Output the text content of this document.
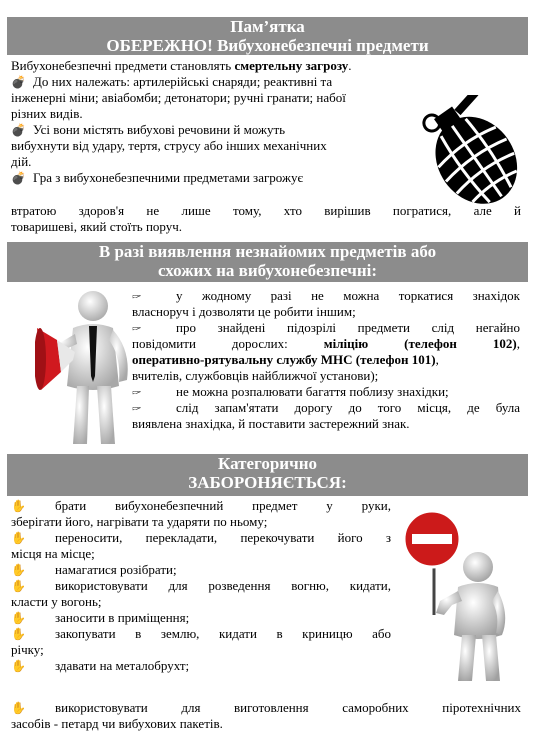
Пам’ятка
ОБЕРЕЖНО! Вибухонебезпечні предмети
Вибухонебезпечні предмети становлять смертельну загрозу.
💣 До них належать: артилерійські снаряди; реактивні та
інженерні міни; авіабомби; детонатори; ручні гранати; набої
різних видів.
💣 Усі вони містять вибухові речовини й можуть
вибухнути від удару, тертя, струсу або інших механічних
дій.
💣 Гра з вибухонебезпечними предметами загрожує
втратою здоров'я не лише тому, хто вирішив погратися, але й
товаришеві, який стоїть поруч.
В разі виявлення незнайомих предметів або
схожих на вибухонебезпечні:
🖙	у жодному разі не можна торкатися знахідок
власноруч і дозволяти це робити іншим;
🖙	про знайдені підозрілі предмети слід негайно
повідомити дорослих: міліцію (телефон 102),
оперативно-рятувальну службу МНС (телефон 101),
вчителів, службовців найближчої установи);
🖙	не можна розпалювати багаття поблизу знахідки;
🖙	слід запам'ятати дорогу до того місця, де була
виявлена знахідка, й поставити застережний знак.
Категорично
ЗАБОРОНЯЄТЬСЯ:
✋	брати вибухонебезпечний предмет у руки,
зберігати його, нагрівати та ударяти по ньому;
✋	переносити, перекладати, перекочувати його з
місця на місце;
✋	намагатися розібрати;
✋	використовувати для розведення вогню, кидати,
класти у вогонь;
✋	заносити в приміщення;
✋	закопувати в землю, кидати в криницю або
річку;
✋	здавати на металобрухт;
✋	використовувати для виготовлення саморобних піротехнічних
засобів - петард чи вибухових пакетів.
